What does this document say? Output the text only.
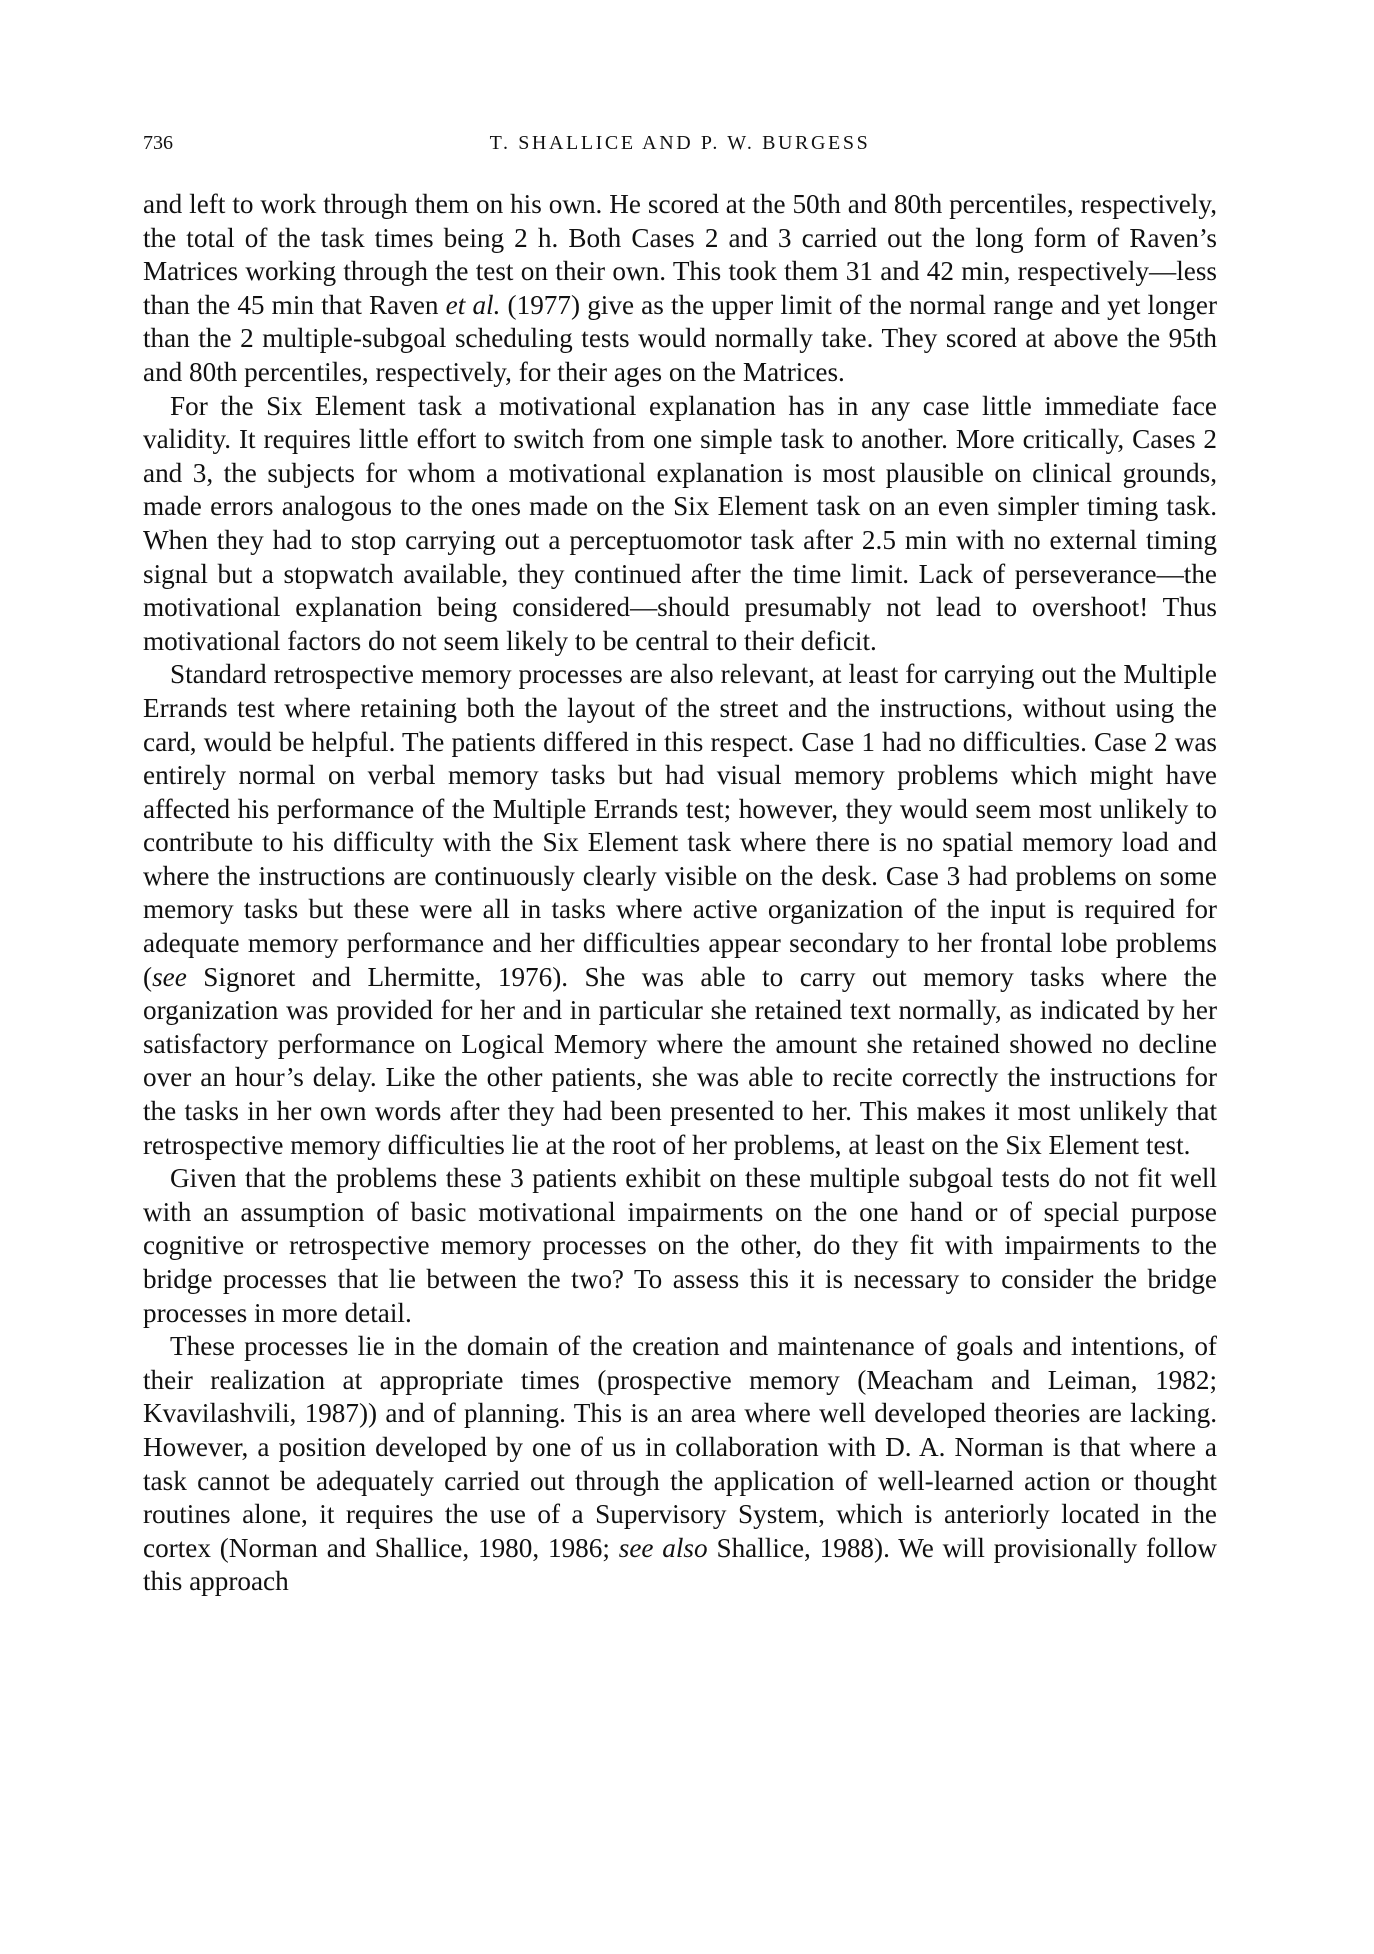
736	T. SHALLICE AND P. W. BURGESS

and left to work through them on his own. He scored at the 50th and 80th percentiles, respectively, the total of the task times being 2 h. Both Cases 2 and 3 carried out the long form of Raven’s Matrices working through the test on their own. This took them 31 and 42 min, respectively—less than the 45 min that Raven et al. (1977) give as the upper limit of the normal range and yet longer than the 2 multiple-subgoal scheduling tests would normally take. They scored at above the 95th and 80th percentiles, respectively, for their ages on the Matrices.

For the Six Element task a motivational explanation has in any case little immediate face validity. It requires little effort to switch from one simple task to another. More critically, Cases 2 and 3, the subjects for whom a motivational explanation is most plausible on clinical grounds, made errors analogous to the ones made on the Six Element task on an even simpler timing task. When they had to stop carrying out a perceptuomotor task after 2.5 min with no external timing signal but a stopwatch available, they continued after the time limit. Lack of perseverance—the motivational explanation being considered—should presumably not lead to overshoot! Thus motivational factors do not seem likely to be central to their deficit.

Standard retrospective memory processes are also relevant, at least for carrying out the Multiple Errands test where retaining both the layout of the street and the instructions, without using the card, would be helpful. The patients differed in this respect. Case 1 had no difficulties. Case 2 was entirely normal on verbal memory tasks but had visual memory problems which might have affected his performance of the Multiple Errands test; however, they would seem most unlikely to contribute to his difficulty with the Six Element task where there is no spatial memory load and where the instructions are continuously clearly visible on the desk. Case 3 had problems on some memory tasks but these were all in tasks where active organization of the input is required for adequate memory performance and her difficulties appear secondary to her frontal lobe problems (see Signoret and Lhermitte, 1976). She was able to carry out memory tasks where the organization was provided for her and in particular she retained text normally, as indicated by her satisfactory performance on Logical Memory where the amount she retained showed no decline over an hour’s delay. Like the other patients, she was able to recite correctly the instructions for the tasks in her own words after they had been presented to her. This makes it most unlikely that retrospective memory difficulties lie at the root of her problems, at least on the Six Element test.

Given that the problems these 3 patients exhibit on these multiple subgoal tests do not fit well with an assumption of basic motivational impairments on the one hand or of special purpose cognitive or retrospective memory processes on the other, do they fit with impairments to the bridge processes that lie between the two? To assess this it is necessary to consider the bridge processes in more detail.

These processes lie in the domain of the creation and maintenance of goals and intentions, of their realization at appropriate times (prospective memory (Meacham and Leiman, 1982; Kvavilashvili, 1987)) and of planning. This is an area where well developed theories are lacking. However, a position developed by one of us in collaboration with D. A. Norman is that where a task cannot be adequately carried out through the application of well-learned action or thought routines alone, it requires the use of a Supervisory System, which is anteriorly located in the cortex (Norman and Shallice, 1980, 1986; see also Shallice, 1988). We will provisionally follow this approach
